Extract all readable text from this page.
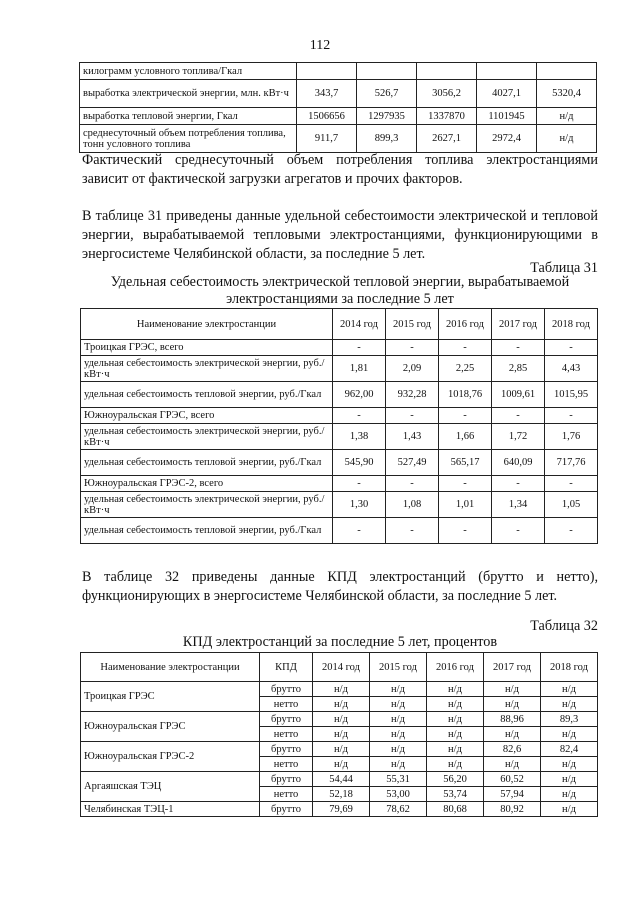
112
килограмм условного топлива/Гкал					
выработка электрической энергии, млн. кВт·ч	343,7	526,7	3056,2	4027,1	5320,4
выработка тепловой энергии, Гкал	1506656	1297935	1337870	1101945	н/д
среднесуточный объем потребления топлива, тонн условного топлива	911,7	899,3	2627,1	2972,4	н/д
Фактический среднесуточный объем потребления топлива электростанциями зависит от фактической загрузки агрегатов и прочих факторов.
В таблице 31 приведены данные удельной себестоимости электрической и тепловой энергии, вырабатываемой тепловыми электростанциями, функционирующими в энергосистеме Челябинской области, за последние 5 лет.
Таблица 31
Удельная себестоимость электрической тепловой энергии, вырабатываемой электростанциями за последние 5 лет
Наименование электростанции	2014 год	2015 год	2016 год	2017 год	2018 год
Троицкая ГРЭС, всего	-	-	-	-	-
удельная себестоимость электрической энергии, руб./кВт·ч	1,81	2,09	2,25	2,85	4,43
удельная себестоимость тепловой энергии, руб./Гкал	962,00	932,28	1018,76	1009,61	1015,95
Южноуральская ГРЭС, всего	-	-	-	-	-
удельная себестоимость электрической энергии, руб./кВт·ч	1,38	1,43	1,66	1,72	1,76
удельная себестоимость тепловой энергии, руб./Гкал	545,90	527,49	565,17	640,09	717,76
Южноуральская ГРЭС-2, всего	-	-	-	-	-
удельная себестоимость электрической энергии, руб./кВт·ч	1,30	1,08	1,01	1,34	1,05
удельная себестоимость тепловой энергии, руб./Гкал	-	-	-	-	-
В таблице 32 приведены данные КПД электростанций (брутто и нетто), функционирующих в энергосистеме Челябинской области, за последние 5 лет.
Таблица 32
КПД электростанций за последние 5 лет, процентов
Наименование электростанции	КПД	2014 год	2015 год	2016 год	2017 год	2018 год
Троицкая ГРЭС	брутто	н/д	н/д	н/д	н/д	н/д
	нетто	н/д	н/д	н/д	н/д	н/д
Южноуральская ГРЭС	брутто	н/д	н/д	н/д	88,96	89,3
	нетто	н/д	н/д	н/д	н/д	н/д
Южноуральская ГРЭС-2	брутто	н/д	н/д	н/д	82,6	82,4
	нетто	н/д	н/д	н/д	н/д	н/д
Аргаяшская ТЭЦ	брутто	54,44	55,31	56,20	60,52	н/д
	нетто	52,18	53,00	53,74	57,94	н/д
Челябинская ТЭЦ-1	брутто	79,69	78,62	80,68	80,92	н/д
